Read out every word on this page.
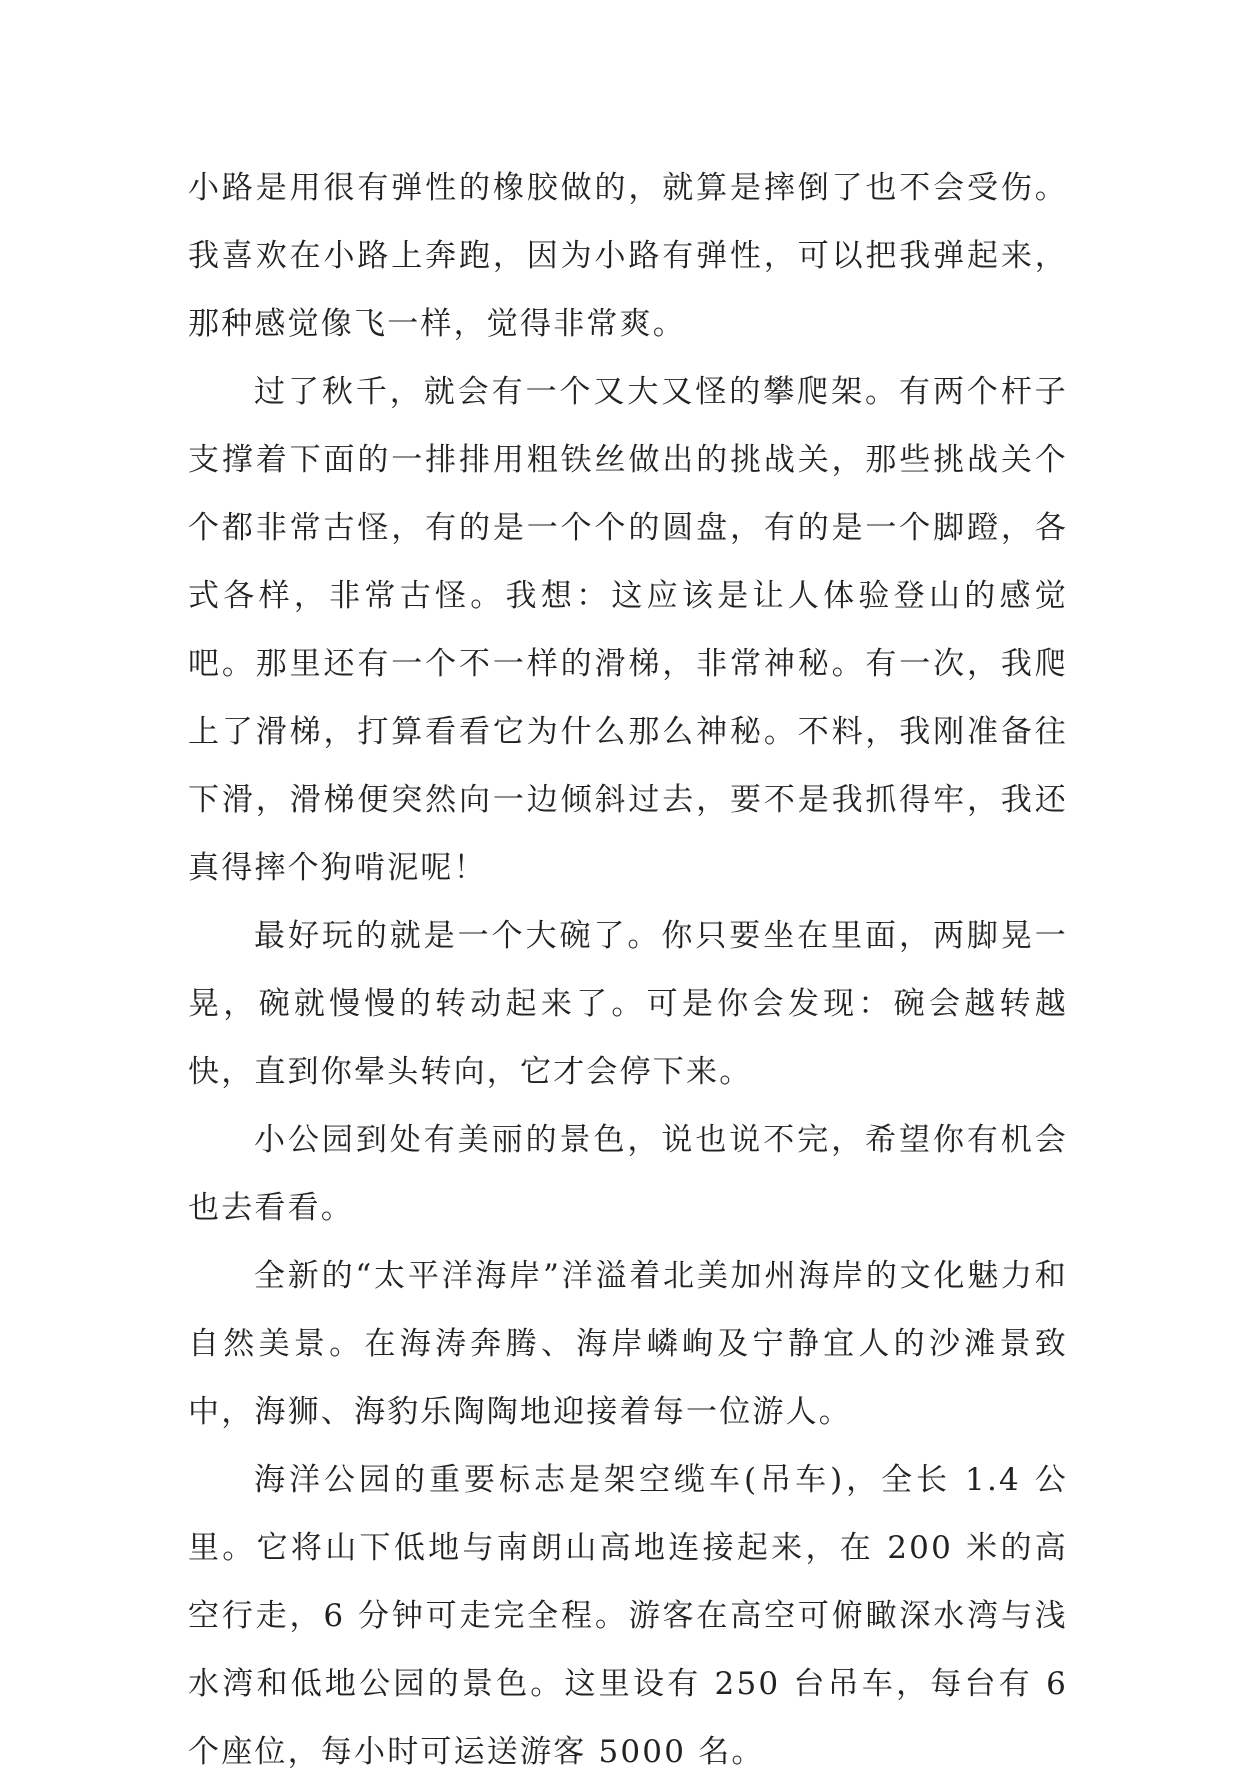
小路是用很有弹性的橡胶做的，就算是摔倒了也不会受伤。我喜欢在小路上奔跑，因为小路有弹性，可以把我弹起来，那种感觉像飞一样，觉得非常爽。

过了秋千，就会有一个又大又怪的攀爬架。有两个杆子支撑着下面的一排排用粗铁丝做出的挑战关，那些挑战关个个都非常古怪，有的是一个个的圆盘，有的是一个脚蹬，各式各样，非常古怪。我想：这应该是让人体验登山的感觉吧。那里还有一个不一样的滑梯，非常神秘。有一次，我爬上了滑梯，打算看看它为什么那么神秘。不料，我刚准备往下滑，滑梯便突然向一边倾斜过去，要不是我抓得牢，我还真得摔个狗啃泥呢！

最好玩的就是一个大碗了。你只要坐在里面，两脚晃一晃，碗就慢慢的转动起来了。可是你会发现：碗会越转越快，直到你晕头转向，它才会停下来。

小公园到处有美丽的景色，说也说不完，希望你有机会也去看看。

全新的“太平洋海岸”洋溢着北美加州海岸的文化魅力和自然美景。在海涛奔腾、海岸嶙峋及宁静宜人的沙滩景致中，海狮、海豹乐陶陶地迎接着每一位游人。

海洋公园的重要标志是架空缆车(吊车)，全长 1.4 公里。它将山下低地与南朗山高地连接起来，在 200 米的高空行走，6 分钟可走完全程。游客在高空可俯瞰深水湾与浅水湾和低地公园的景色。这里设有 250 台吊车，每台有 6 个座位，每小时可运送游客 5000 名。
